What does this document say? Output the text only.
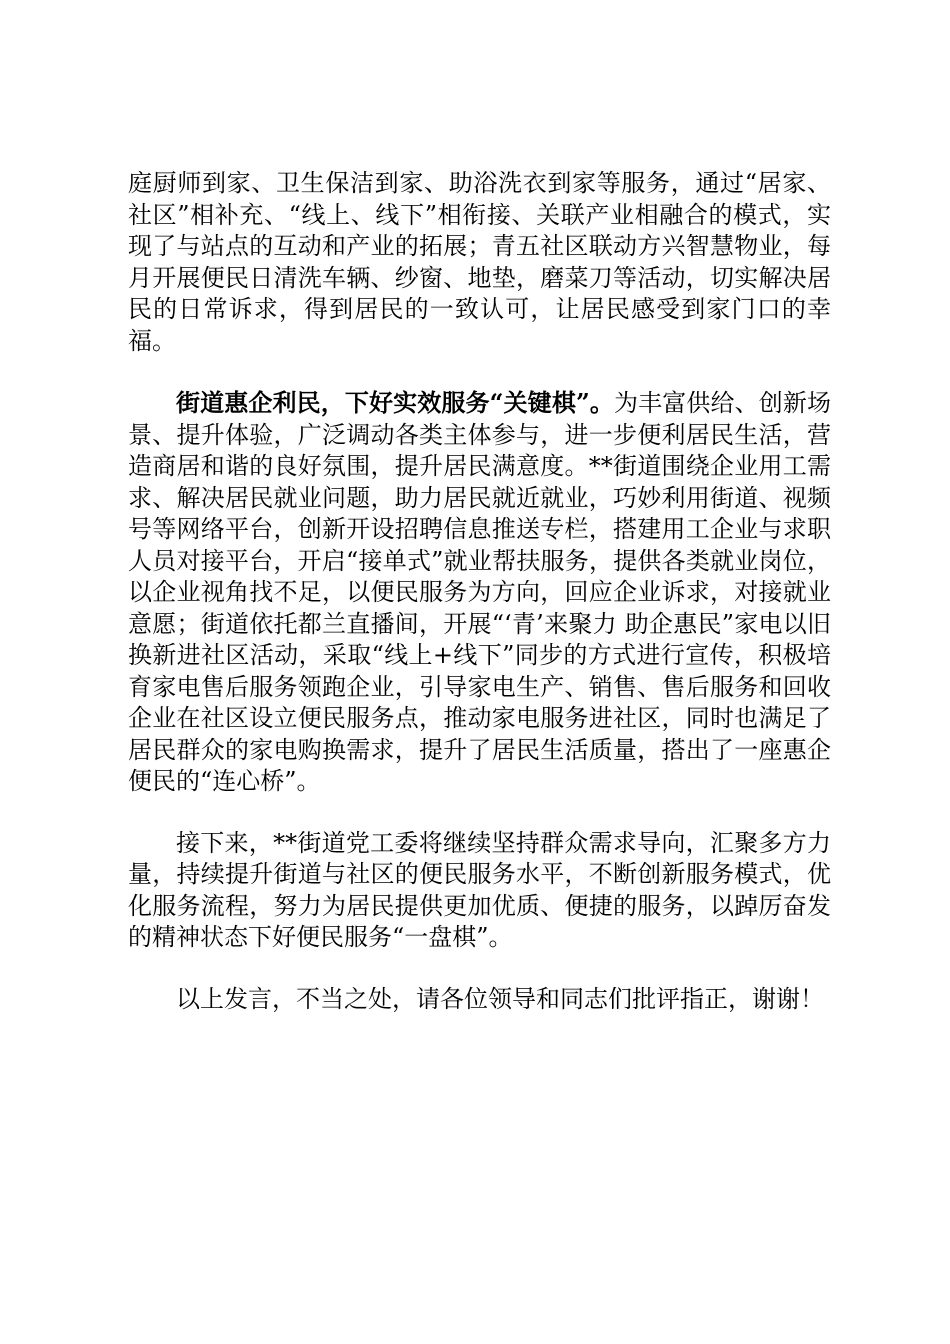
庭厨师到家、卫生保洁到家、助浴洗衣到家等服务，通过“居家、社区”相补充、“线上、线下”相衔接、关联产业相融合的模式，实现了与站点的互动和产业的拓展；青五社区联动方兴智慧物业，每月开展便民日清洗车辆、纱窗、地垫，磨菜刀等活动，切实解决居民的日常诉求，得到居民的一致认可，让居民感受到家门口的幸福。

街道惠企利民，下好实效服务“关键棋”。为丰富供给、创新场景、提升体验，广泛调动各类主体参与，进一步便利居民生活，营造商居和谐的良好氛围，提升居民满意度。**街道围绕企业用工需求、解决居民就业问题，助力居民就近就业，巧妙利用街道、视频号等网络平台，创新开设招聘信息推送专栏，搭建用工企业与求职人员对接平台，开启“接单式”就业帮扶服务，提供各类就业岗位，以企业视角找不足，以便民服务为方向，回应企业诉求，对接就业意愿；街道依托都兰直播间，开展“‘青’来聚力 助企惠民”家电以旧换新进社区活动，采取“线上+线下”同步的方式进行宣传，积极培育家电售后服务领跑企业，引导家电生产、销售、售后服务和回收企业在社区设立便民服务点，推动家电服务进社区，同时也满足了居民群众的家电购换需求，提升了居民生活质量，搭出了一座惠企便民的“连心桥”。

接下来，**街道党工委将继续坚持群众需求导向，汇聚多方力量，持续提升街道与社区的便民服务水平，不断创新服务模式，优化服务流程，努力为居民提供更加优质、便捷的服务，以踔厉奋发的精神状态下好便民服务“一盘棋”。

以上发言，不当之处，请各位领导和同志们批评指正，谢谢！
